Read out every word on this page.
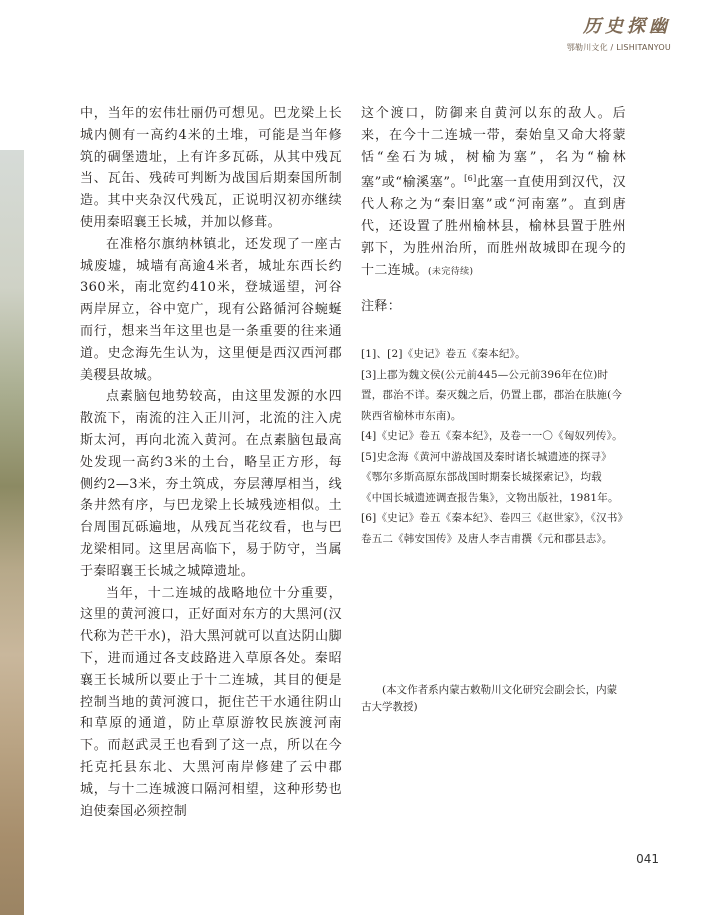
历史探幽
鄂勒川文化 / LISHITANYOU

中，当年的宏伟壮丽仍可想见。巴龙梁上长城内侧有一高约4米的土堆，可能是当年修筑的碉堡遗址，上有许多瓦砾，从其中残瓦当、瓦缶、残砖可判断为战国后期秦国所制造。其中夹杂汉代残瓦，正说明汉初亦继续使用秦昭襄王长城，并加以修葺。

在准格尔旗纳林镇北，还发现了一座古城废墟，城墙有高逾4米者，城址东西长约360米，南北宽约410米，登城遥望，河谷两岸屏立，谷中宽广，现有公路循河谷蜿蜒而行，想来当年这里也是一条重要的往来通道。史念海先生认为，这里便是西汉西河郡美稷县故城。

点素脑包地势较高，由这里发源的水四散流下，南流的注入正川河，北流的注入虎斯太河，再向北流入黄河。在点素脑包最高处发现一高约3米的土台，略呈正方形，每侧约2—3米，夯土筑成，夯层薄厚相当，线条井然有序，与巴龙梁上长城残迹相似。土台周围瓦砾遍地，从残瓦当花纹看，也与巴龙梁相同。这里居高临下，易于防守，当属于秦昭襄王长城之城障遗址。

当年，十二连城的战略地位十分重要，这里的黄河渡口，正好面对东方的大黑河(汉代称为芒干水)，沿大黑河就可以直达阴山脚下，进而通过各支歧路进入草原各处。秦昭襄王长城所以要止于十二连城，其目的便是控制当地的黄河渡口，扼住芒干水通往阴山和草原的通道，防止草原游牧民族渡河南下。而赵武灵王也看到了这一点，所以在今托克托县东北、大黑河南岸修建了云中郡城，与十二连城渡口隔河相望，这种形势也迫使秦国必须控制

这个渡口，防御来自黄河以东的敌人。后来，在今十二连城一带，秦始皇又命大将蒙恬“垒石为城，树榆为塞”，名为“榆林塞”或“榆溪塞”。[6]此塞一直使用到汉代，汉代人称之为“秦旧塞”或“河南塞”。直到唐代，还设置了胜州榆林县，榆林县置于胜州郭下，为胜州治所，而胜州故城即在现今的十二连城。(未完待续)

注释：

[1]、[2]《史记》卷五《秦本纪》。

[3]上郡为魏文侯(公元前445—公元前396年在位)时置，郡治不详。秦灭魏之后，仍置上郡，郡治在肤施(今陕西省榆林市东南)。

[4]《史记》卷五《秦本纪》，及卷一一〇《匈奴列传》。

[5]史念海《黄河中游战国及秦时诸长城遗迹的探寻》《鄂尔多斯高原东部战国时期秦长城探索记》，均载《中国长城遗迹调查报告集》，文物出版社，1981年。

[6]《史记》卷五《秦本纪》、卷四三《赵世家》，《汉书》卷五二《韩安国传》及唐人李吉甫撰《元和郡县志》。

(本文作者系内蒙古敕勒川文化研究会副会长，内蒙古大学教授)
041
